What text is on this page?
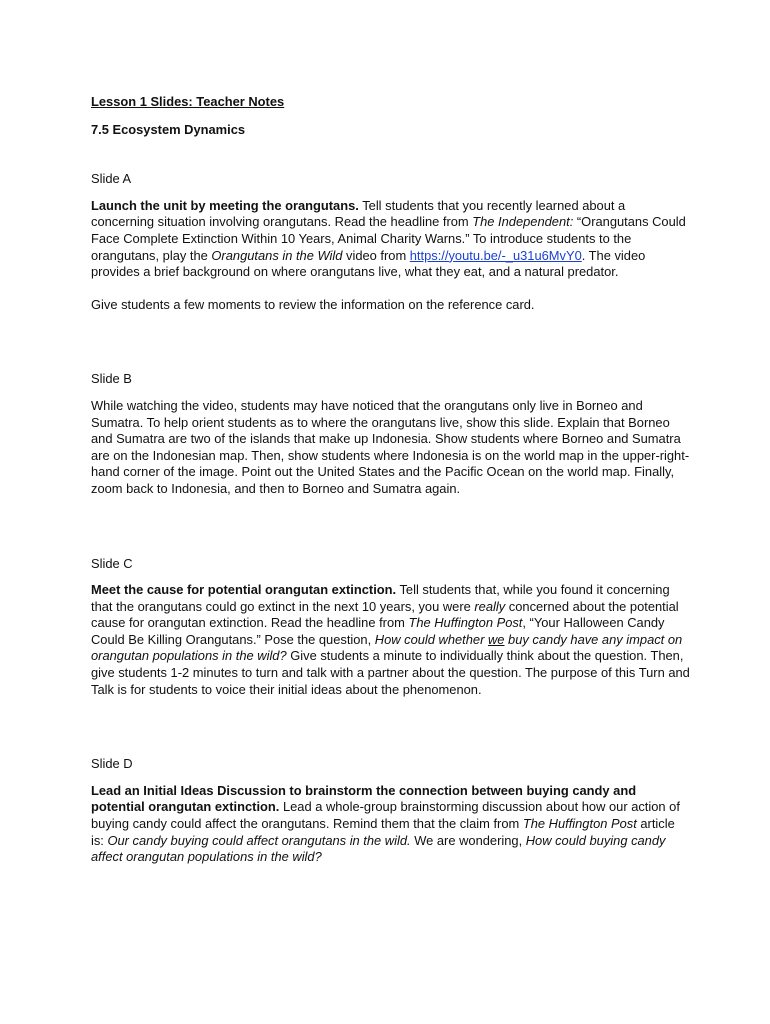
Lesson 1 Slides: Teacher Notes

7.5 Ecosystem Dynamics

Slide A

Launch the unit by meeting the orangutans. Tell students that you recently learned about a concerning situation involving orangutans. Read the headline from The Independent: “Orangutans Could Face Complete Extinction Within 10 Years, Animal Charity Warns.” To introduce students to the orangutans, play the Orangutans in the Wild video from https://youtu.be/-_u31u6MvY0. The video provides a brief background on where orangutans live, what they eat, and a natural predator.

Give students a few moments to review the information on the reference card.

Slide B

While watching the video, students may have noticed that the orangutans only live in Borneo and Sumatra. To help orient students as to where the orangutans live, show this slide. Explain that Borneo and Sumatra are two of the islands that make up Indonesia. Show students where Borneo and Sumatra are on the Indonesian map. Then, show students where Indonesia is on the world map in the upper-right-hand corner of the image. Point out the United States and the Pacific Ocean on the world map. Finally, zoom back to Indonesia, and then to Borneo and Sumatra again.

Slide C

Meet the cause for potential orangutan extinction. Tell students that, while you found it concerning that the orangutans could go extinct in the next 10 years, you were really concerned about the potential cause for orangutan extinction. Read the headline from The Huffington Post, “Your Halloween Candy Could Be Killing Orangutans.” Pose the question, How could whether we buy candy have any impact on orangutan populations in the wild? Give students a minute to individually think about the question. Then, give students 1-2 minutes to turn and talk with a partner about the question. The purpose of this Turn and Talk is for students to voice their initial ideas about the phenomenon.

Slide D

Lead an Initial Ideas Discussion to brainstorm the connection between buying candy and potential orangutan extinction. Lead a whole-group brainstorming discussion about how our action of buying candy could affect the orangutans. Remind them that the claim from The Huffington Post article is: Our candy buying could affect orangutans in the wild. We are wondering, How could buying candy affect orangutan populations in the wild?
